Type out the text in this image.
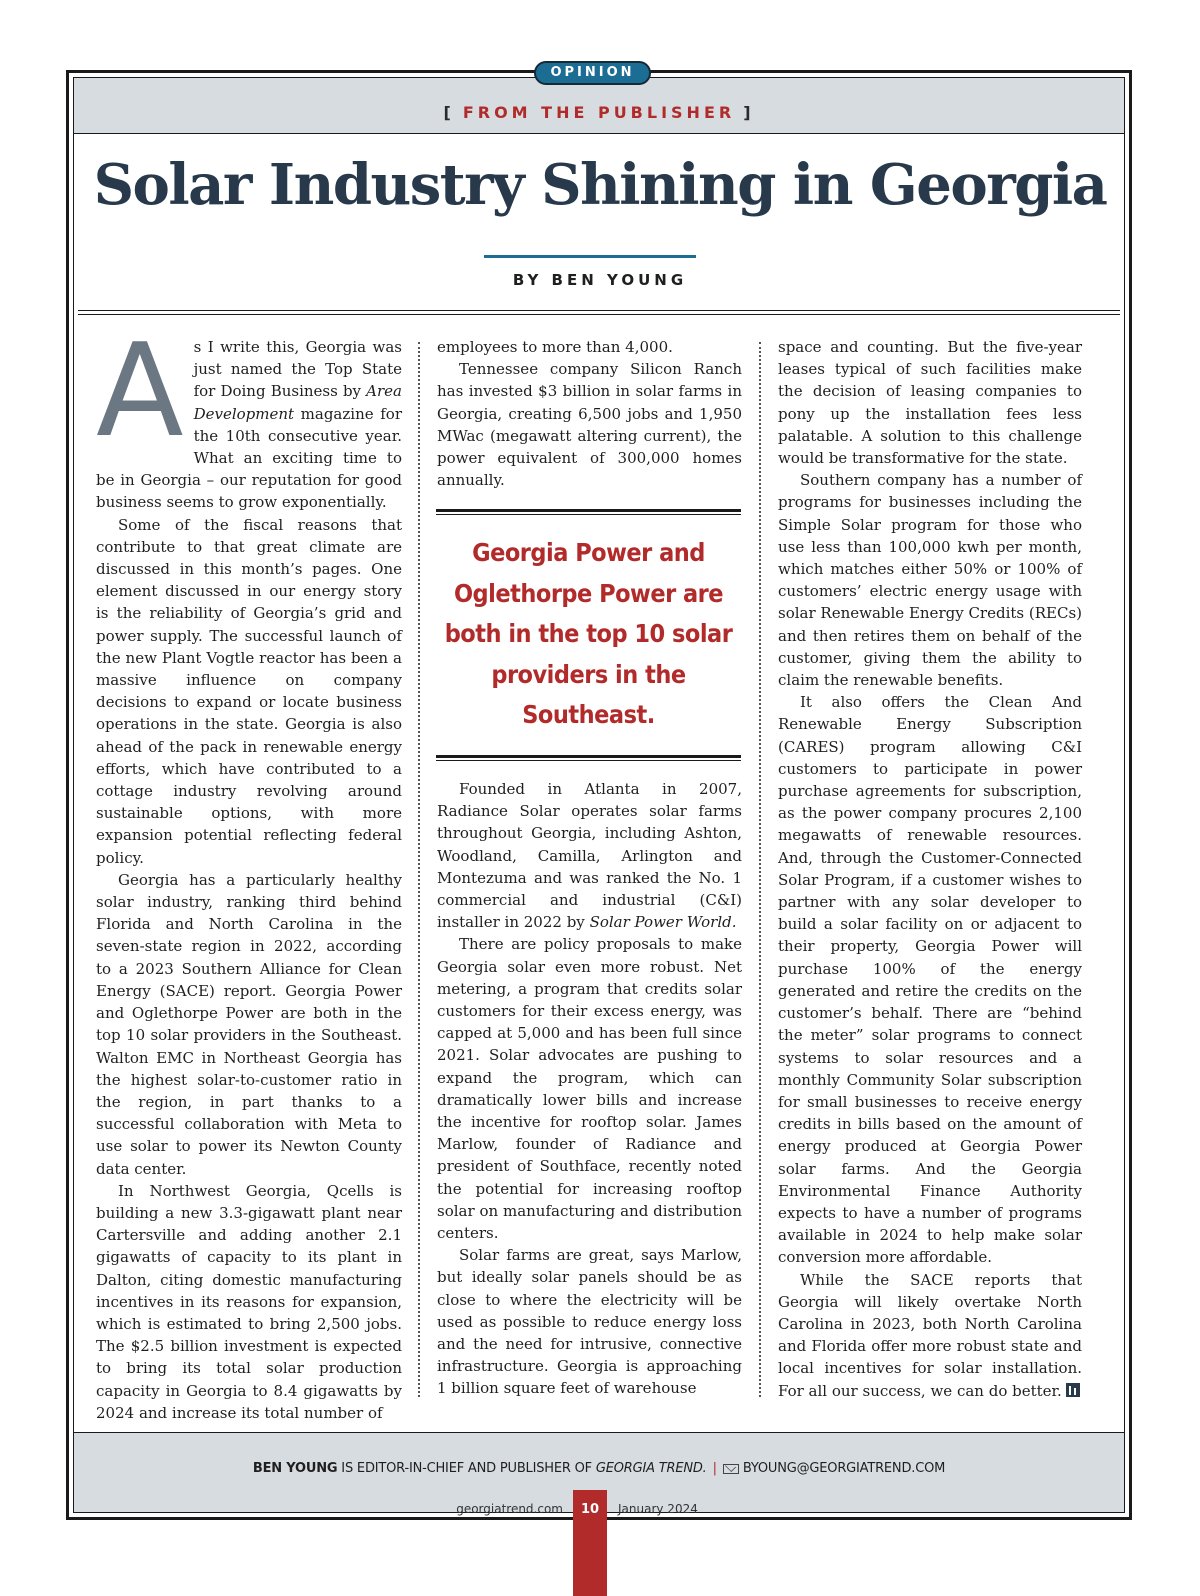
[ FROM THE PUBLISHER ]
BEN YOUNG IS EDITOR-IN-CHIEF AND PUBLISHER OF GEORGIA TREND. | BYOUNG@GEORGIATREND.COM
OPINION
Solar Industry Shining in Georgia
BY BEN YOUNG

As I write this, Georgia was just named the Top State for Doing Business by Area Development magazine for the 10th consecutive year. What an exciting time to be in Georgia – our reputation for good business seems to grow exponentially.

Some of the fiscal reasons that contribute to that great climate are discussed in this month’s pages. One element discussed in our energy story is the reliability of Georgia’s grid and power supply. The successful launch of the new Plant Vogtle reactor has been a massive influence on company decisions to expand or locate business operations in the state. Georgia is also ahead of the pack in renewable energy efforts, which have contributed to a cottage industry revolving around sustainable options, with more expansion potential reflecting federal policy.

Georgia has a particularly healthy solar industry, ranking third behind Florida and North Carolina in the seven-state region in 2022, according to a 2023 Southern Alliance for Clean Energy (SACE) report. Georgia Power and Oglethorpe Power are both in the top 10 solar providers in the Southeast. Walton EMC in Northeast Georgia has the highest solar-to-customer ratio in the region, in part thanks to a successful collaboration with Meta to use solar to power its Newton County data center.

In Northwest Georgia, Qcells is building a new 3.3-gigawatt plant near Cartersville and adding another 2.1 gigawatts of capacity to its plant in Dalton, citing domestic manufacturing incentives in its reasons for expansion, which is estimated to bring 2,500 jobs. The $2.5 billion investment is expected to bring its total solar production capacity in Georgia to 8.4 gigawatts by 2024 and increase its total number of

employees to more than 4,000.

Tennessee company Silicon Ranch has invested $3 billion in solar farms in Georgia, creating 6,500 jobs and 1,950 MWac (megawatt altering current), the power equivalent of 300,000 homes annually.

Georgia Power and Oglethorpe Power are both in the top 10 solar providers in the Southeast.

Founded in Atlanta in 2007, Radiance Solar operates solar farms throughout Georgia, including Ashton, Woodland, Camilla, Arlington and Montezuma and was ranked the No. 1 commercial and industrial (C&I) installer in 2022 by Solar Power World.

There are policy proposals to make Georgia solar even more robust. Net metering, a program that credits solar customers for their excess energy, was capped at 5,000 and has been full since 2021. Solar advocates are pushing to expand the program, which can dramatically lower bills and increase the incentive for rooftop solar. James Marlow, founder of Radiance and president of Southface, recently noted the potential for increasing rooftop solar on manufacturing and distribution centers.

Solar farms are great, says Marlow, but ideally solar panels should be as close to where the electricity will be used as possible to reduce energy loss and the need for intrusive, connective infrastructure. Georgia is approaching 1 billion square feet of warehouse

space and counting. But the five-year leases typical of such facilities make the decision of leasing companies to pony up the installation fees less palatable. A solution to this challenge would be transformative for the state.

Southern company has a number of programs for businesses including the Simple Solar program for those who use less than 100,000 kwh per month, which matches either 50% or 100% of customers’ electric energy usage with solar Renewable Energy Credits (RECs) and then retires them on behalf of the customer, giving them the ability to claim the renewable benefits.

It also offers the Clean And Renewable Energy Subscription (CARES) program allowing C&I customers to participate in power purchase agreements for subscription, as the power company procures 2,100 megawatts of renewable resources. And, through the Customer-Connected Solar Program, if a customer wishes to partner with any solar developer to build a solar facility on or adjacent to their property, Georgia Power will purchase 100% of the energy generated and retire the credits on the customer’s behalf. There are “behind the meter” solar programs to connect systems to solar resources and a monthly Community Solar subscription for small businesses to receive energy credits in bills based on the amount of energy produced at Georgia Power solar farms. And the Georgia Environmental Finance Authority expects to have a number of programs available in 2024 to help make solar conversion more affordable.

While the SACE reports that Georgia will likely overtake North Carolina in 2023, both North Carolina and Florida offer more robust state and local incentives for solar installation. For all our success, we can do better.

georgiatrend.com	10	January 2024
